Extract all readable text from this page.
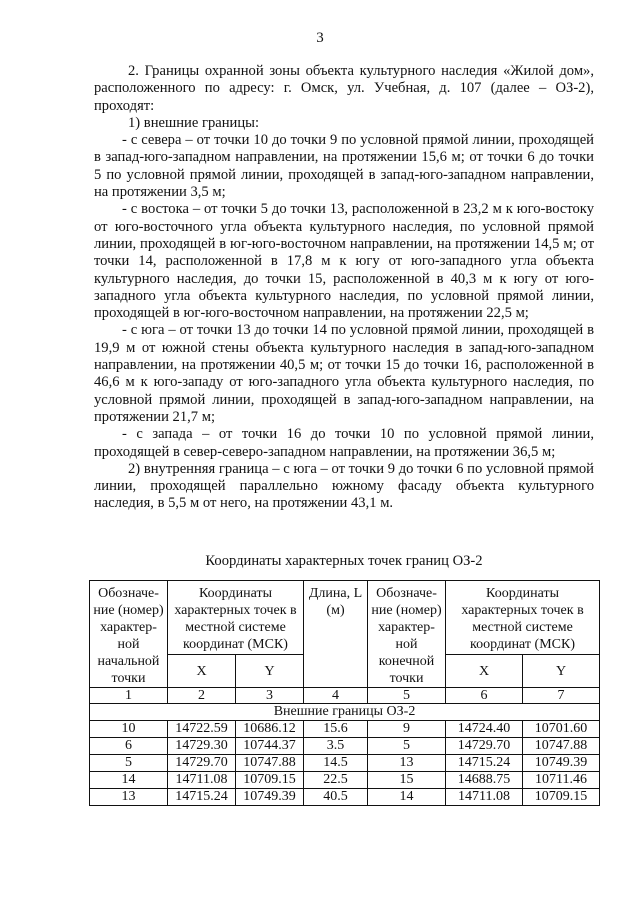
3

2. Границы охранной зоны объекта культурного наследия «Жилой дом», расположенного по адресу: г. Омск, ул. Учебная, д. 107 (далее – ОЗ-2), проходят:

1) внешние границы:

- с севера – от точки 10 до точки 9 по условной прямой линии, проходящей в запад-юго-западном направлении, на протяжении 15,6 м; от точки 6 до точки 5 по условной прямой линии, проходящей в запад-юго-западном направлении, на протяжении 3,5 м;

- с востока – от точки 5 до точки 13, расположенной в 23,2 м к юго-востоку от юго-восточного угла объекта культурного наследия, по условной прямой линии, проходящей в юг-юго-восточном направлении, на протяжении 14,5 м; от точки 14, расположенной в 17,8 м к югу от юго-западного угла объекта культурного наследия, до точки 15, расположенной в 40,3 м к югу от юго-западного угла объекта культурного наследия, по условной прямой линии, проходящей в юг-юго-восточном направлении, на протяжении 22,5 м;

- с юга – от точки 13 до точки 14 по условной прямой линии, проходящей в 19,9 м от южной стены объекта культурного наследия в запад-юго-западном направлении, на протяжении 40,5 м; от точки 15 до точки 16, расположенной в 46,6 м к юго-западу от юго-западного угла объекта культурного наследия, по условной прямой линии, проходящей в запад-юго-западном направлении, на протяжении 21,7 м;

- с запада – от точки 16 до точки 10 по условной прямой линии, проходящей в север-северо-западном направлении, на протяжении 36,5 м;

2) внутренняя граница – с юга – от точки 9 до точки 6 по условной прямой линии, проходящей параллельно южному фасаду объекта культурного наследия, в 5,5 м от него, на протяжении 43,1 м.

Координаты характерных точек границ ОЗ-2
Обозначе-ние (номер) характер-ной начальной точки	Координаты характерных точек в местной системе координат (МСК)		Длина, L (м)	Обозначе-ние (номер) характер-ной конечной точки	Координаты характерных точек в местной системе координат (МСК)	
	X	Y			X	Y
1	2	3	4	5	6	7
Внешние границы ОЗ-2						
10	14722.59	10686.12	15.6	9	14724.40	10701.60
6	14729.30	10744.37	3.5	5	14729.70	10747.88
5	14729.70	10747.88	14.5	13	14715.24	10749.39
14	14711.08	10709.15	22.5	15	14688.75	10711.46
13	14715.24	10749.39	40.5	14	14711.08	10709.15
